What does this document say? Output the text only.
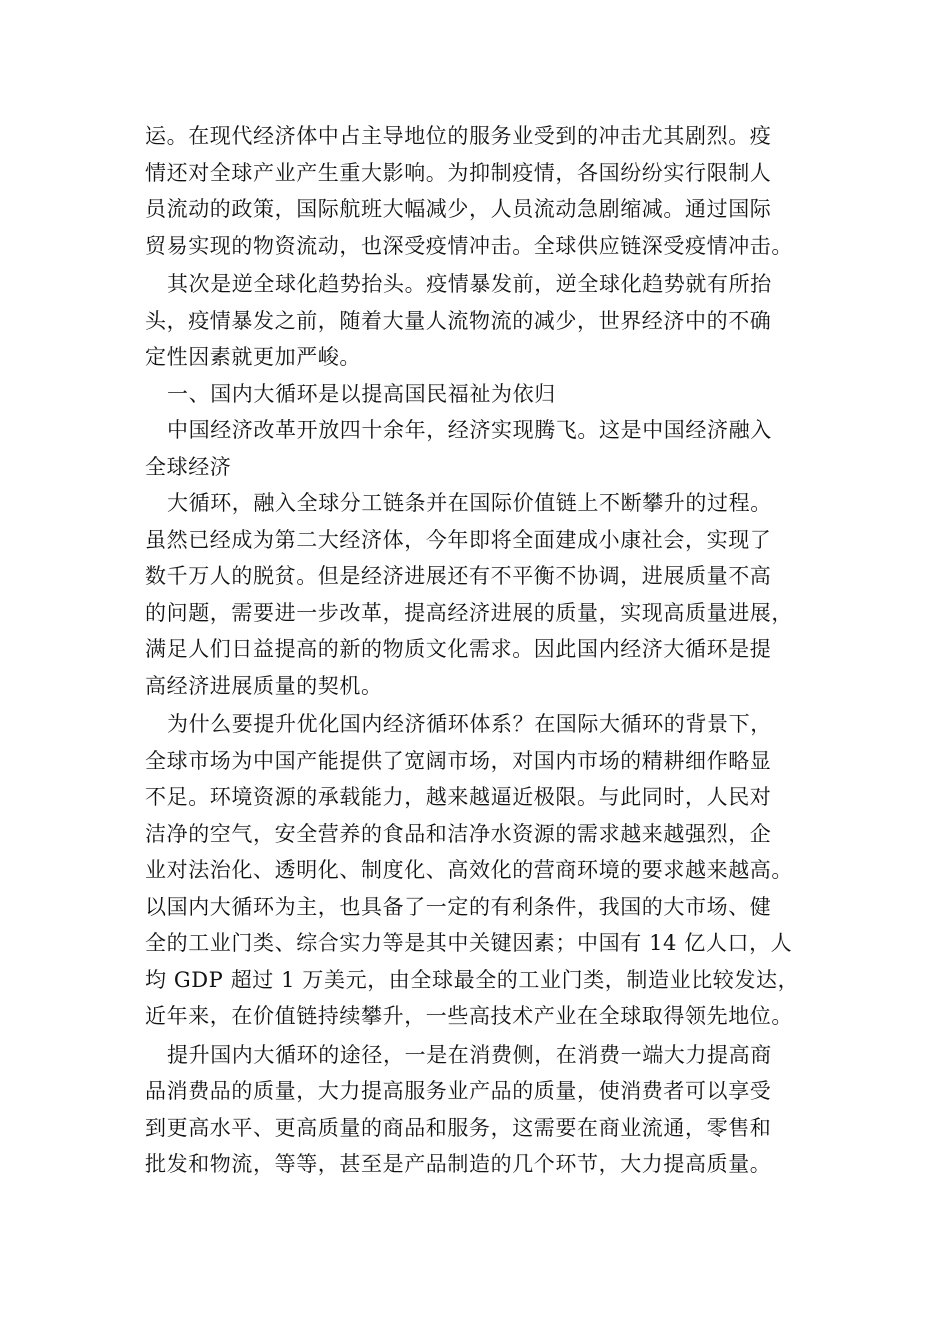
运。在现代经济体中占主导地位的服务业受到的冲击尤其剧烈。疫
情还对全球产业产生重大影响。为抑制疫情，各国纷纷实行限制人
员流动的政策，国际航班大幅减少，人员流动急剧缩减。通过国际
贸易实现的物资流动，也深受疫情冲击。全球供应链深受疫情冲击。
其次是逆全球化趋势抬头。疫情暴发前，逆全球化趋势就有所抬
头，疫情暴发之前，随着大量人流物流的减少，世界经济中的不确
定性因素就更加严峻。
一、国内大循环是以提高国民福祉为依归
中国经济改革开放四十余年，经济实现腾飞。这是中国经济融入
全球经济
大循环，融入全球分工链条并在国际价值链上不断攀升的过程。
虽然已经成为第二大经济体，今年即将全面建成小康社会，实现了
数千万人的脱贫。但是经济进展还有不平衡不协调，进展质量不高
的问题，需要进一步改革，提高经济进展的质量，实现高质量进展，
满足人们日益提高的新的物质文化需求。因此国内经济大循环是提
高经济进展质量的契机。
为什么要提升优化国内经济循环体系？在国际大循环的背景下，
全球市场为中国产能提供了宽阔市场，对国内市场的精耕细作略显
不足。环境资源的承载能力，越来越逼近极限。与此同时，人民对
洁净的空气，安全营养的食品和洁净水资源的需求越来越强烈，企
业对法治化、透明化、制度化、高效化的营商环境的要求越来越高。
以国内大循环为主，也具备了一定的有利条件，我国的大市场、健
全的工业门类、综合实力等是其中关键因素；中国有 14 亿人口，人
均 GDP 超过 1 万美元，由全球最全的工业门类，制造业比较发达，
近年来，在价值链持续攀升，一些高技术产业在全球取得领先地位。
提升国内大循环的途径，一是在消费侧，在消费一端大力提高商
品消费品的质量，大力提高服务业产品的质量，使消费者可以享受
到更高水平、更高质量的商品和服务，这需要在商业流通，零售和
批发和物流，等等，甚至是产品制造的几个环节，大力提高质量。
